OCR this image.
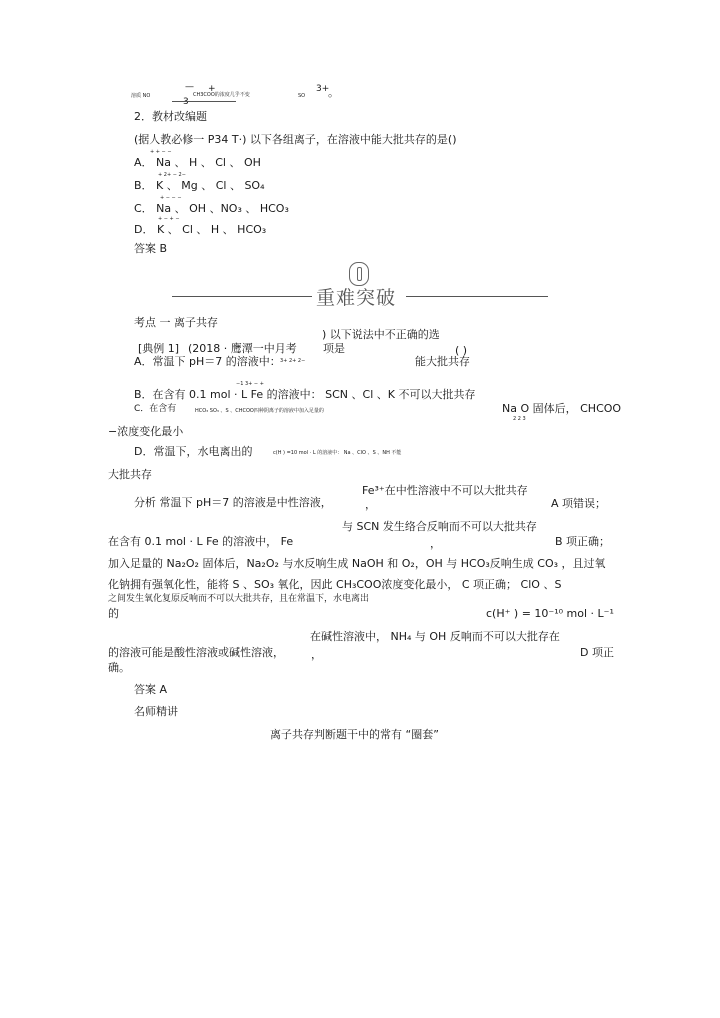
溶质 NO
— +
CH3COO的浓度几乎不变
3
SO
3+
。
2．教材改编题
(据人教必修一 P34 T·) 以下各组离子，在溶液中能大批共存的是()
+ + − −
A． Na 、 H 、 Cl 、 OH
+ 2+ − 2−
B． K 、 Mg 、 Cl 、 SO₄
+ − − −
C． Na 、 OH 、NO₃ 、 HCO₃
+ − + −
D． K 、 Cl 、 H 、 HCO₃
答案 B
重难突破
考点 一 离子共存
) 以下说法中不正确的选
[典例 1] (2018 · 鹰潭一中月考 项是	( )
A．常温下 pH＝7 的溶液中： 3+ 2+ 2−	能大批共存
−1 3+ − +
B．在含有 0.1 mol · L Fe 的溶液中： SCN 、Cl 、K 不可以大批共存
C．在含有	HCO₃ SO₃ 、S 、CHCOO四种阴离子的溶液中加入足量的	Na O 固体后， CHCOO
2 2 3
−浓度变化最小
D．常温下，水电离出的	c(H ) =10 mol · L 的溶液中： Na 、ClO 、S 、NH 不能
大批共存
Fe³⁺在中性溶液中不可以大批共存
分析 常温下 pH＝7 的溶液是中性溶液，	，	A 项错误；
与 SCN 发生络合反响而不可以大批共存
在含有 0.1 mol · L Fe 的溶液中， Fe	，	B 项正确；
加入足量的 Na₂O₂ 固体后，Na₂O₂ 与水反响生成 NaOH 和 O₂，OH 与 HCO₃反响生成 CO₃ ，且过氧
化钠拥有强氧化性，能将 S 、SO₃ 氧化，因此 CH₃COO浓度变化最小， C 项正确； ClO 、S
之间发生氧化复原反响而不可以大批共存，且在常温下，水电离出
的	c(H⁺ ) = 10⁻¹⁰ mol · L⁻¹
在碱性溶液中， NH₄ 与 OH 反响而不可以大批存在
的溶液可能是酸性溶液或碱性溶液， ，	D 项正
确。
答案 A
名师精讲
离子共存判断题干中的常有 “圈套”
